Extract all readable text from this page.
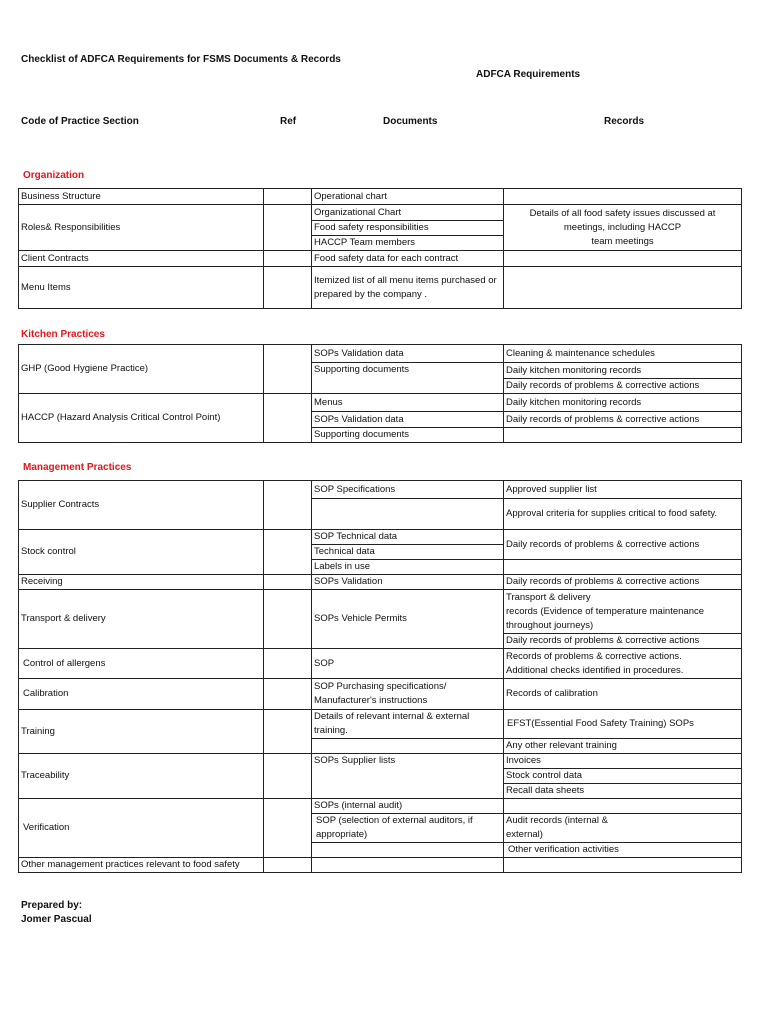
Checklist of ADFCA Requirements for FSMS Documents & Records
ADFCA Requirements
Code of Practice Section	Ref	Documents	Records
Organization
Business Structure		Operational chart	
Roles& Responsibilities		Organizational Chart	Details of all food safety issues discussed at
meetings, including HACCP
team meetings

		Food safety responsibilities	
		HACCP Team members	
Client Contracts		Food safety data for each contract	
Menu Items		Itemized list of all menu items purchased or
prepared by the company .	

Kitchen Practices
GHP (Good Hygiene Practice)		SOPs Validation data	Cleaning & maintenance schedules
		Supporting documents	Daily kitchen monitoring records
			Daily records of problems & corrective actions
HACCP (Hazard Analysis Critical Control Point)		Menus	Daily kitchen monitoring records
		SOPs Validation data	Daily records of problems & corrective actions
		Supporting documents	
Management Practices
Supplier Contracts		SOP Specifications	Approved supplier list
			Approval criteria for supplies critical to food safety.
Stock control		SOP Technical data	Daily records of problems & corrective actions
		Technical data	
		Labels in use	
Receiving		SOPs Validation	Daily records of problems & corrective actions
Transport & delivery		SOPs Vehicle Permits	Transport & delivery
records (Evidence of temperature maintenance
throughout journeys)

			Daily records of problems & corrective actions
Control of allergens		SOP	Records of problems & corrective actions.
Additional checks identified in procedures.

Calibration		SOP Purchasing specifications/
Manufacturer's instructions	Records of calibration
Training		Details of relevant internal & external training.	EFST(Essential Food Safety Training) SOPs
			Any other relevant training
Traceability		SOPs Supplier lists	Invoices
			Stock control data
			Recall data sheets
Verification		SOPs (internal audit)	

		SOP (selection of external auditors, if
appropriate)	Audit records (internal &
external)

			Other verification activities
Other management practices relevant to food safety			
Prepared by:
Jomer Pascual
